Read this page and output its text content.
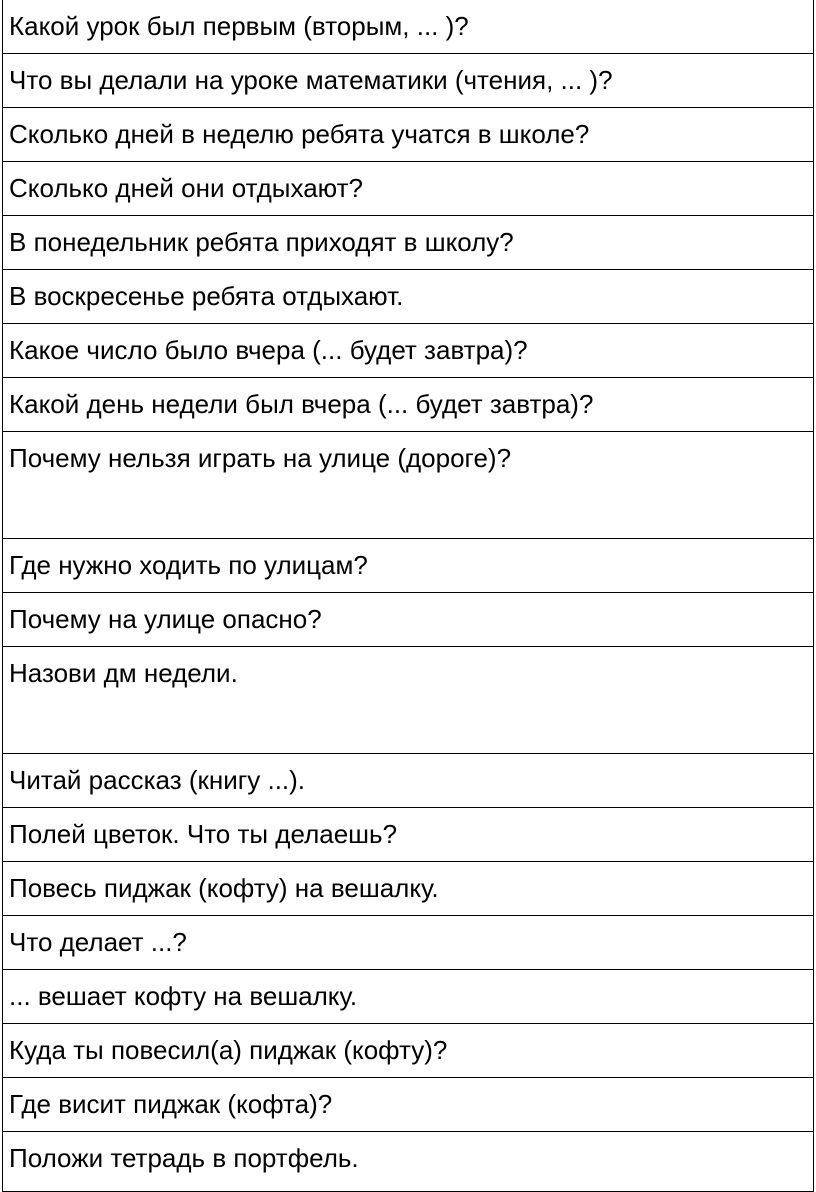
Какой урок был первым (вторым, ... )?
Что вы делали на уроке математики (чтения, ... )?
Сколько дней в неделю ребята учатся в школе?
Сколько дней они отдыхают?
В понедельник ребята приходят в школу?
В воскресенье ребята отдыхают.
Какое число было вчера (... будет завтра)?
Какой день недели был вчера (... будет завтра)?
Почему нельзя играть на улице (дороге)?
Где нужно ходить по улицам?
Почему на улице опасно?
Назови дм недели.
Читай рассказ (книгу ...).
Полей цветок. Что ты делаешь?
Повесь пиджак (кофту) на вешалку.
Что делает ...?
... вешает кофту на вешалку.
Куда ты повесил(а) пиджак (кофту)?
Где висит пиджак (кофта)?
Положи тетрадь в портфель.
